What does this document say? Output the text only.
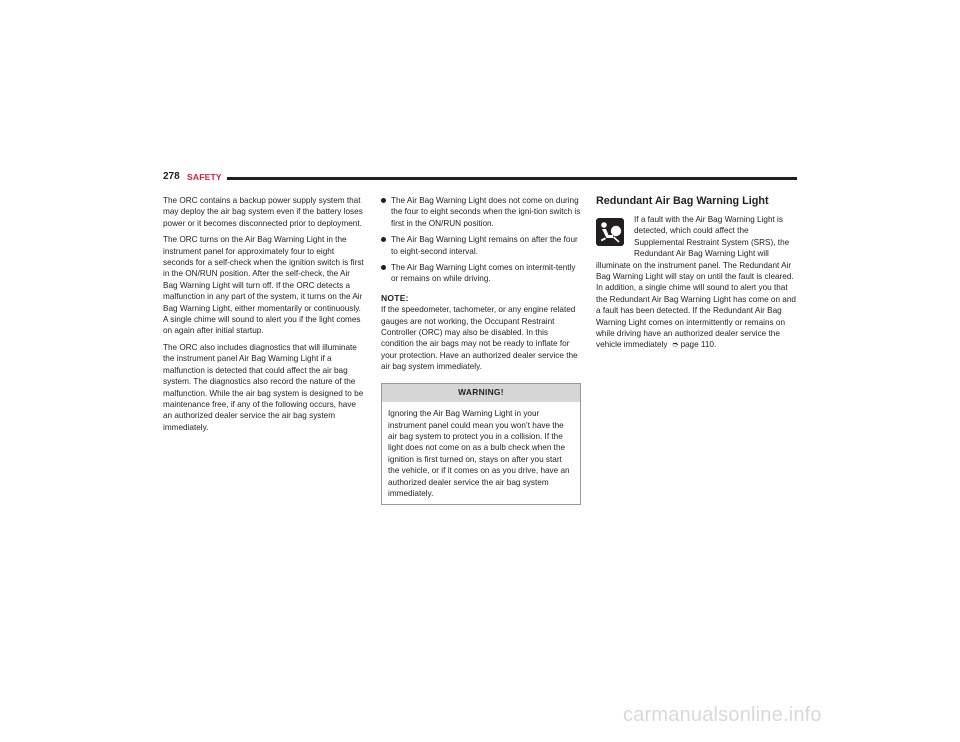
278 SAFETY

The ORC contains a backup power supply system that may deploy the air bag system even if the battery loses power or it becomes disconnected prior to deployment.

The ORC turns on the Air Bag Warning Light in the instrument panel for approximately four to eight seconds for a self-check when the ignition switch is first in the ON/RUN position. After the self-check, the Air Bag Warning Light will turn off. If the ORC detects a malfunction in any part of the system, it turns on the Air Bag Warning Light, either momentarily or continuously. A single chime will sound to alert you if the light comes on again after initial startup.

The ORC also includes diagnostics that will illuminate the instrument panel Air Bag Warning Light if a malfunction is detected that could affect the air bag system. The diagnostics also record the nature of the malfunction. While the air bag system is designed to be maintenance free, if any of the following occurs, have an authorized dealer service the air bag system immediately.

The Air Bag Warning Light does not come on during the four to eight seconds when the igni-tion switch is first in the ON/RUN position.
The Air Bag Warning Light remains on after the four to eight-second interval.
The Air Bag Warning Light comes on intermit-tently or remains on while driving.
NOTE:

If the speedometer, tachometer, or any engine related gauges are not working, the Occupant Restraint Controller (ORC) may also be disabled. In this condition the air bags may not be ready to inflate for your protection. Have an authorized dealer service the air bag system immediately.

WARNING!
Ignoring the Air Bag Warning Light in your instrument panel could mean you won’t have the air bag system to protect you in a collision. If the light does not come on as a bulb check when the ignition is first turned on, stays on after you start the vehicle, or if it comes on as you drive, have an authorized dealer service the air bag system immediately.
Redundant Air Bag Warning Light
If a fault with the Air Bag Warning Light is detected, which could affect the Supplemental Restraint System (SRS), the Redundant Air Bag Warning Light will illuminate on the instrument panel. The Redundant Air Bag Warning Light will stay on until the fault is cleared. In addition, a single chime will sound to alert you that the Redundant Air Bag Warning Light has come on and a fault has been detected. If the Redundant Air Bag Warning Light comes on intermittently or remains on while driving have an authorized dealer service the vehicle immediately ➮ page 110.
carmanualsonline.info
